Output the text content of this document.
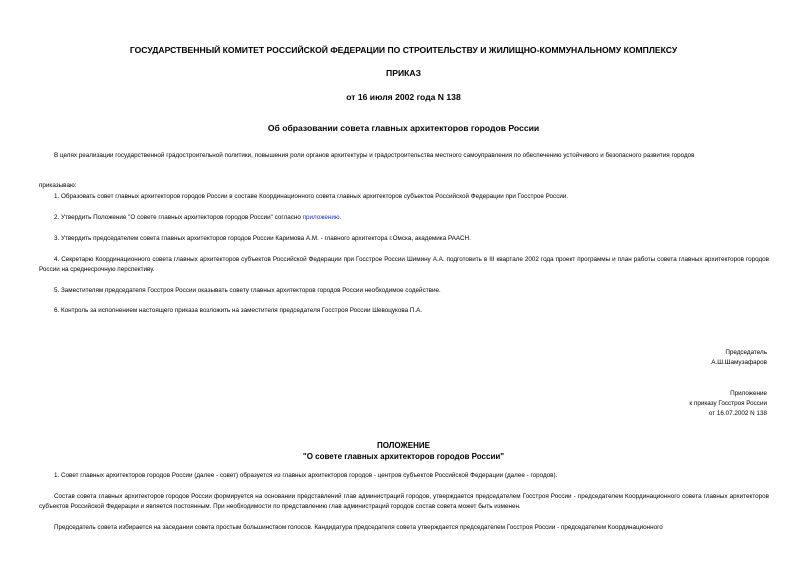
ГОСУДАРСТВЕННЫЙ КОМИТЕТ РОССИЙСКОЙ ФЕДЕРАЦИИ ПО СТРОИТЕЛЬСТВУ И ЖИЛИЩНО-КОММУНАЛЬНОМУ КОМПЛЕКСУ
ПРИКАЗ
от 16 июля 2002 года N 138
Об образовании совета главных архитекторов городов России
В целях реализации государственной градостроительной политики, повышения роли органов архитектуры и градостроительства местного самоуправления по обеспечению устойчивого и безопасного развития городов
приказываю:
1. Образовать совет главных архитекторов городов России в составе Координационного совета главных архитекторов субъектов Российской Федерации при Госстрое России.
2. Утвердить Положение "О совете главных архитекторов городов России" согласно приложению.
3. Утвердить председателем совета главных архитекторов городов России Каримова А.М. - главного архитектора г.Омска, академика РААСН.
4. Секретарю Координационного совета главных архитекторов субъектов Российской Федерации при Госстрое России Шимину А.А. подготовить в III квартале 2002 года проект программы и план работы совета главных архитекторов городов России на среднесрочную перспективу.
5. Заместителям председателя Госстроя России оказывать совету главных архитекторов городов России необходимое содействие.
6. Контроль за исполнением настоящего приказа возложить на заместителя председателя Госстроя России Шевоцукова П.А.
Председатель
А.Ш.Шамузафаров
Приложение
к приказу Госстроя России
от 16.07.2002 N 138
ПОЛОЖЕНИЕ
"О совете главных архитекторов городов России"
1. Совет главных архитекторов городов России (далее - совет) образуется из главных архитекторов городов - центров субъектов Российской Федерации (далее - городов).
Состав совета главных архитекторов городов России формируется на основании представлений глав администраций городов, утверждается председателем Госстроя России - председателем Координационного совета главных архитекторов субъектов Российской Федерации и является постоянным. При необходимости по представлению глав администраций городов состав совета может быть изменен.
Председатель совета избирается на заседании совета простым большинством голосов. Кандидатура председателя совета утверждается председателем Госстроя России - председателем Координационного
